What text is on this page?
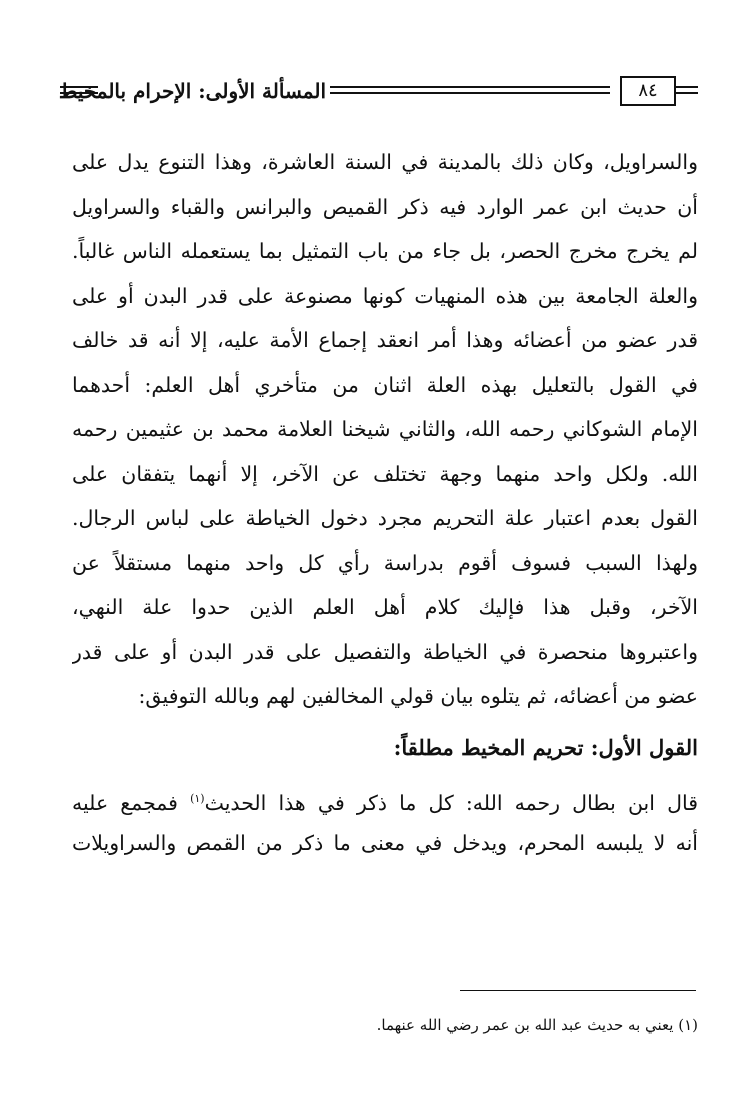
المسألة الأولى: الإحرام بالمخيط	٨٤
والسراويل، وكان ذلك بالمدينة في السنة العاشرة، وهذا التنوع يدل على
أن حديث ابن عمر الوارد فيه ذكر القميص والبرانس والقباء والسراويل
لم يخرج مخرج الحصر، بل جاء من باب التمثيل بما يستعمله الناس غالباً.
والعلة الجامعة بين هذه المنهيات كونها مصنوعة على قدر البدن أو على
قدر عضو من أعضائه وهذا أمر انعقد إجماع الأمة عليه، إلا أنه قد خالف
في القول بالتعليل بهذه العلة اثنان من متأخري أهل العلم: أحدهما
الإمام الشوكاني رحمه الله، والثاني شيخنا العلامة محمد بن عثيمين رحمه
الله. ولكل واحد منهما وجهة تختلف عن الآخر، إلا أنهما يتفقان على
القول بعدم اعتبار علة التحريم مجرد دخول الخياطة على لباس الرجال.
ولهذا السبب فسوف أقوم بدراسة رأي كل واحد منهما مستقلاً عن
الآخر، وقبل هذا فإليك كلام أهل العلم الذين حدوا علة النهي،
واعتبروها منحصرة في الخياطة والتفصيل على قدر البدن أو على قدر
عضو من أعضائه، ثم يتلوه بيان قولي المخالفين لهم وبالله التوفيق:
القول الأول: تحريم المخيط مطلقاً:
قال ابن بطال رحمه الله: كل ما ذكر في هذا الحديث$^{(١)}$ فمجمع عليه
أنه لا يلبسه المحرم، ويدخل في معنى ما ذكر من القمص والسراويلات
(١) يعني به حديث عبد الله بن عمر رضي الله عنهما.
